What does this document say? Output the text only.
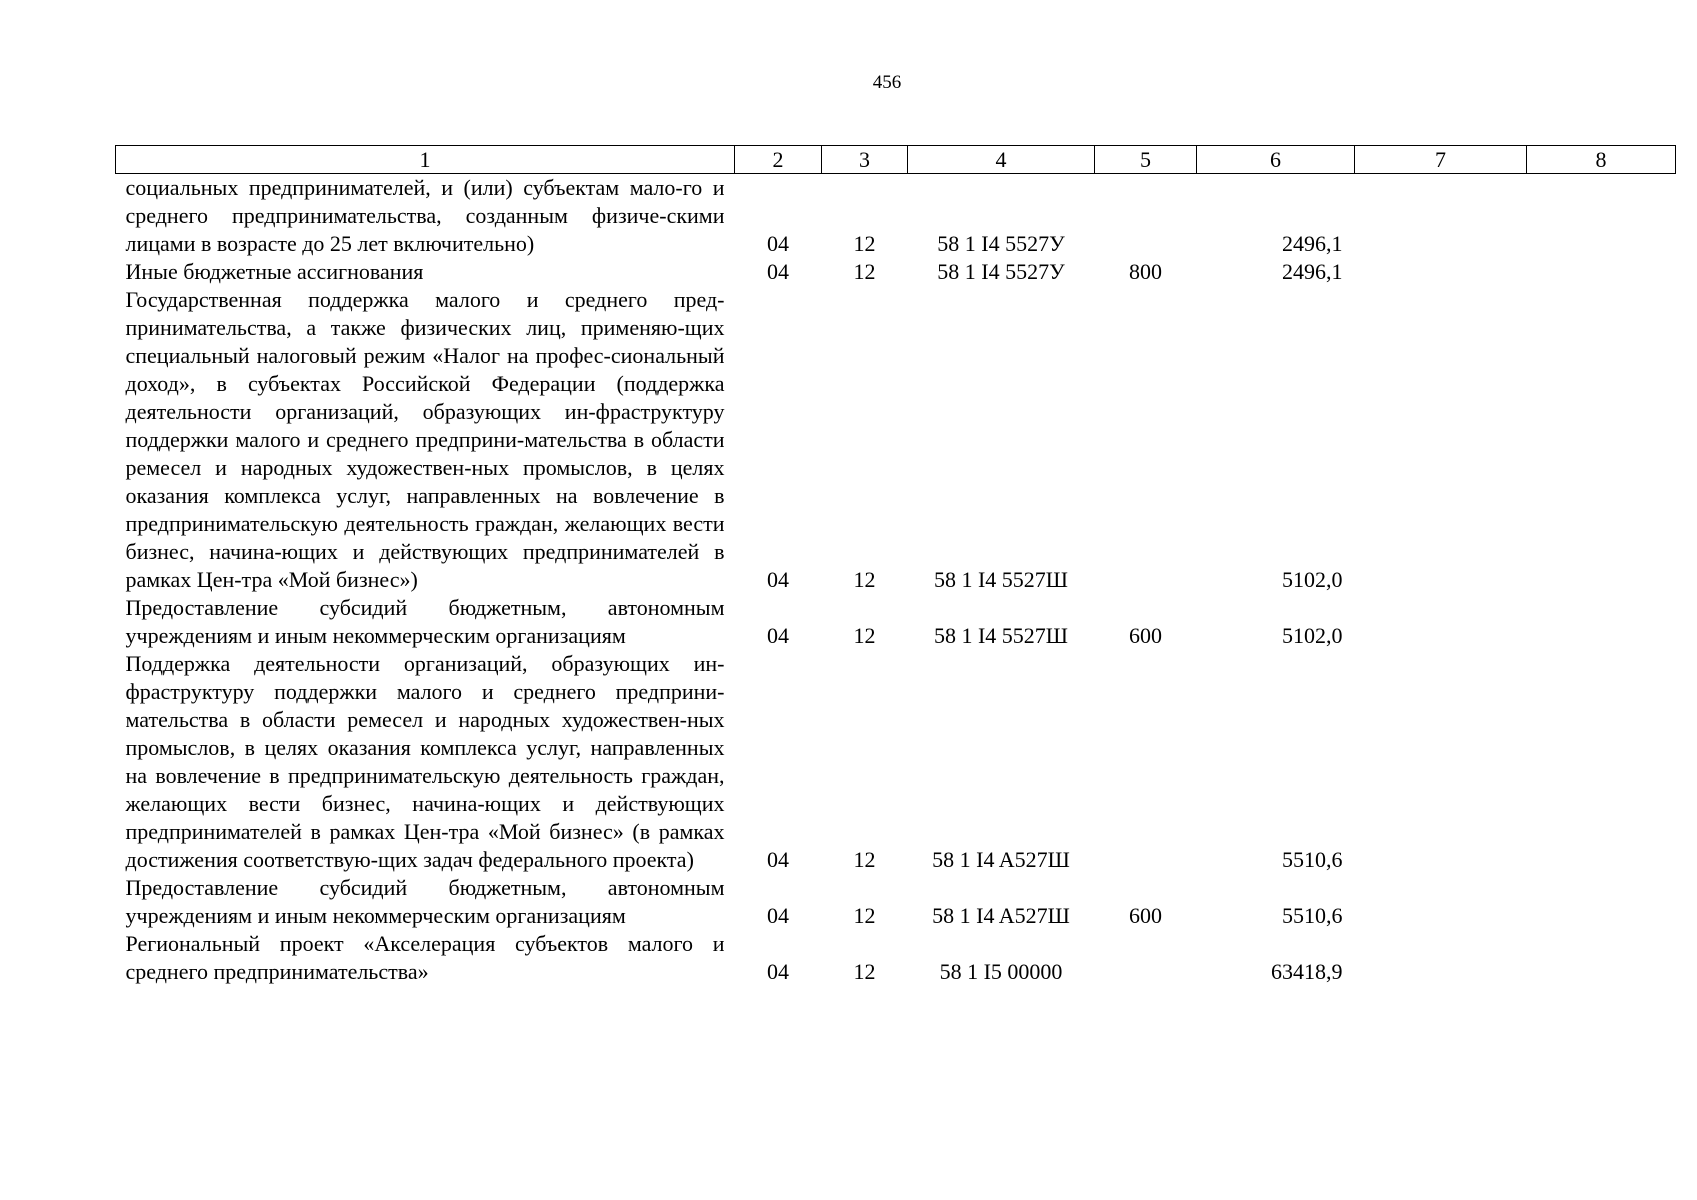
456
1	2	3	4	5	6	7	8
социальных предпринимателей, и (или) субъектам мало-го и среднего предпринимательства, созданным физиче-скими лицами в возрасте до 25 лет включительно)	04	12	58 1 I4 5527У		2496,1		
Иные бюджетные ассигнования	04	12	58 1 I4 5527У	800	2496,1		
Государственная поддержка малого и среднего пред-принимательства, а также физических лиц, применяю-щих специальный налоговый режим «Налог на профес-сиональный доход», в субъектах Российской Федерации (поддержка деятельности организаций, образующих ин-фраструктуру поддержки малого и среднего предприни-мательства в области ремесел и народных художествен-ных промыслов, в целях оказания комплекса услуг, направленных на вовлечение в предпринимательскую деятельность граждан, желающих вести бизнес, начина-ющих и действующих предпринимателей в рамках Цен-тра «Мой бизнес»)	04	12	58 1 I4 5527Ш		5102,0		
Предоставление субсидий бюджетным, автономным учреждениям и иным некоммерческим организациям	04	12	58 1 I4 5527Ш	600	5102,0		
Поддержка деятельности организаций, образующих ин-фраструктуру поддержки малого и среднего предприни-мательства в области ремесел и народных художествен-ных промыслов, в целях оказания комплекса услуг, направленных на вовлечение в предпринимательскую деятельность граждан, желающих вести бизнес, начина-ющих и действующих предпринимателей в рамках Цен-тра «Мой бизнес» (в рамках достижения соответствую-щих задач федерального проекта)	04	12	58 1 I4 A527Ш		5510,6		
Предоставление субсидий бюджетным, автономным учреждениям и иным некоммерческим организациям	04	12	58 1 I4 A527Ш	600	5510,6		
Региональный проект «Акселерация субъектов малого и среднего предпринимательства»	04	12	58 1 I5 00000		63418,9		
